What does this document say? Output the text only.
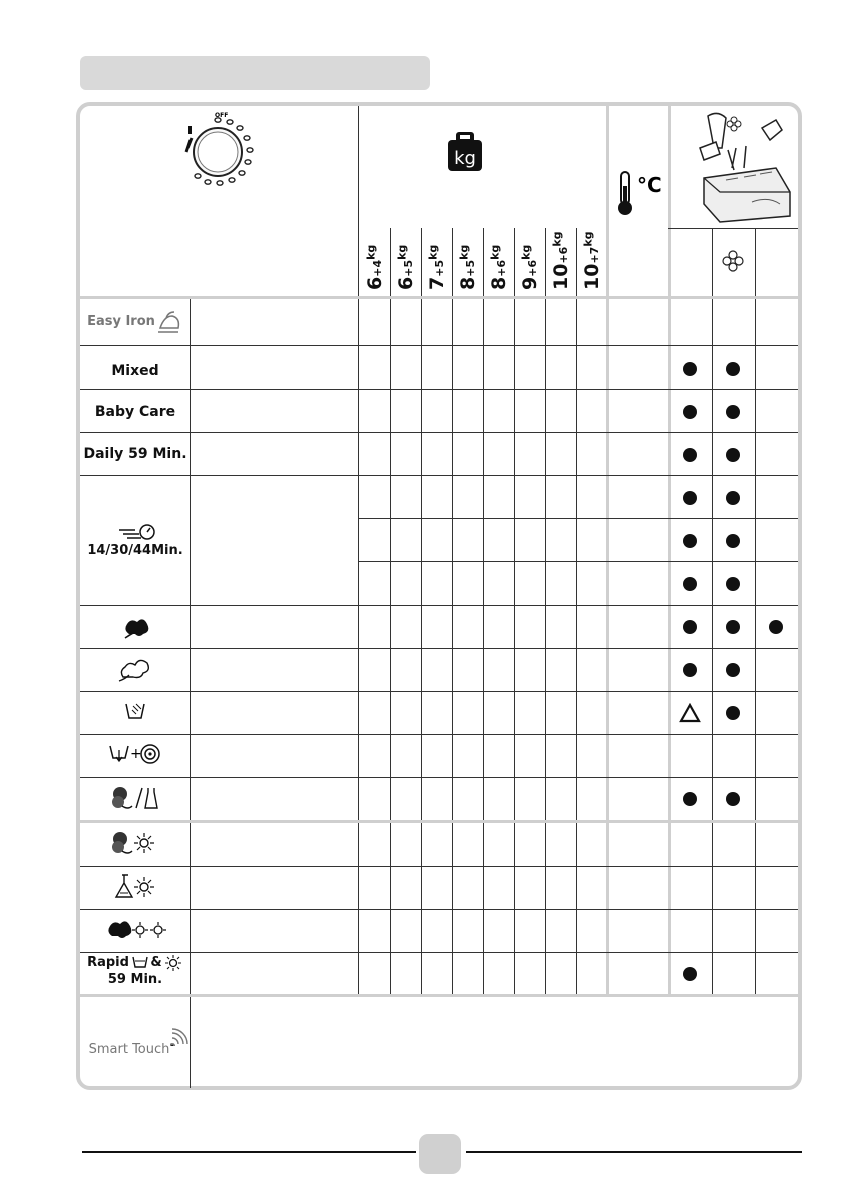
OFF
kg
$6+4^{kg}$
$6+5^{kg}$
$7+5^{kg}$
$8+5^{kg}$
$8+6^{kg}$
$9+6^{kg}$
$10+6^{kg}$
$10+7^{kg}$
°C
Easy Iron
Mixed
Baby Care
Daily 59 Min.
14/30/44Min.
+
Rapid &
59 Min.
Smart Touch
